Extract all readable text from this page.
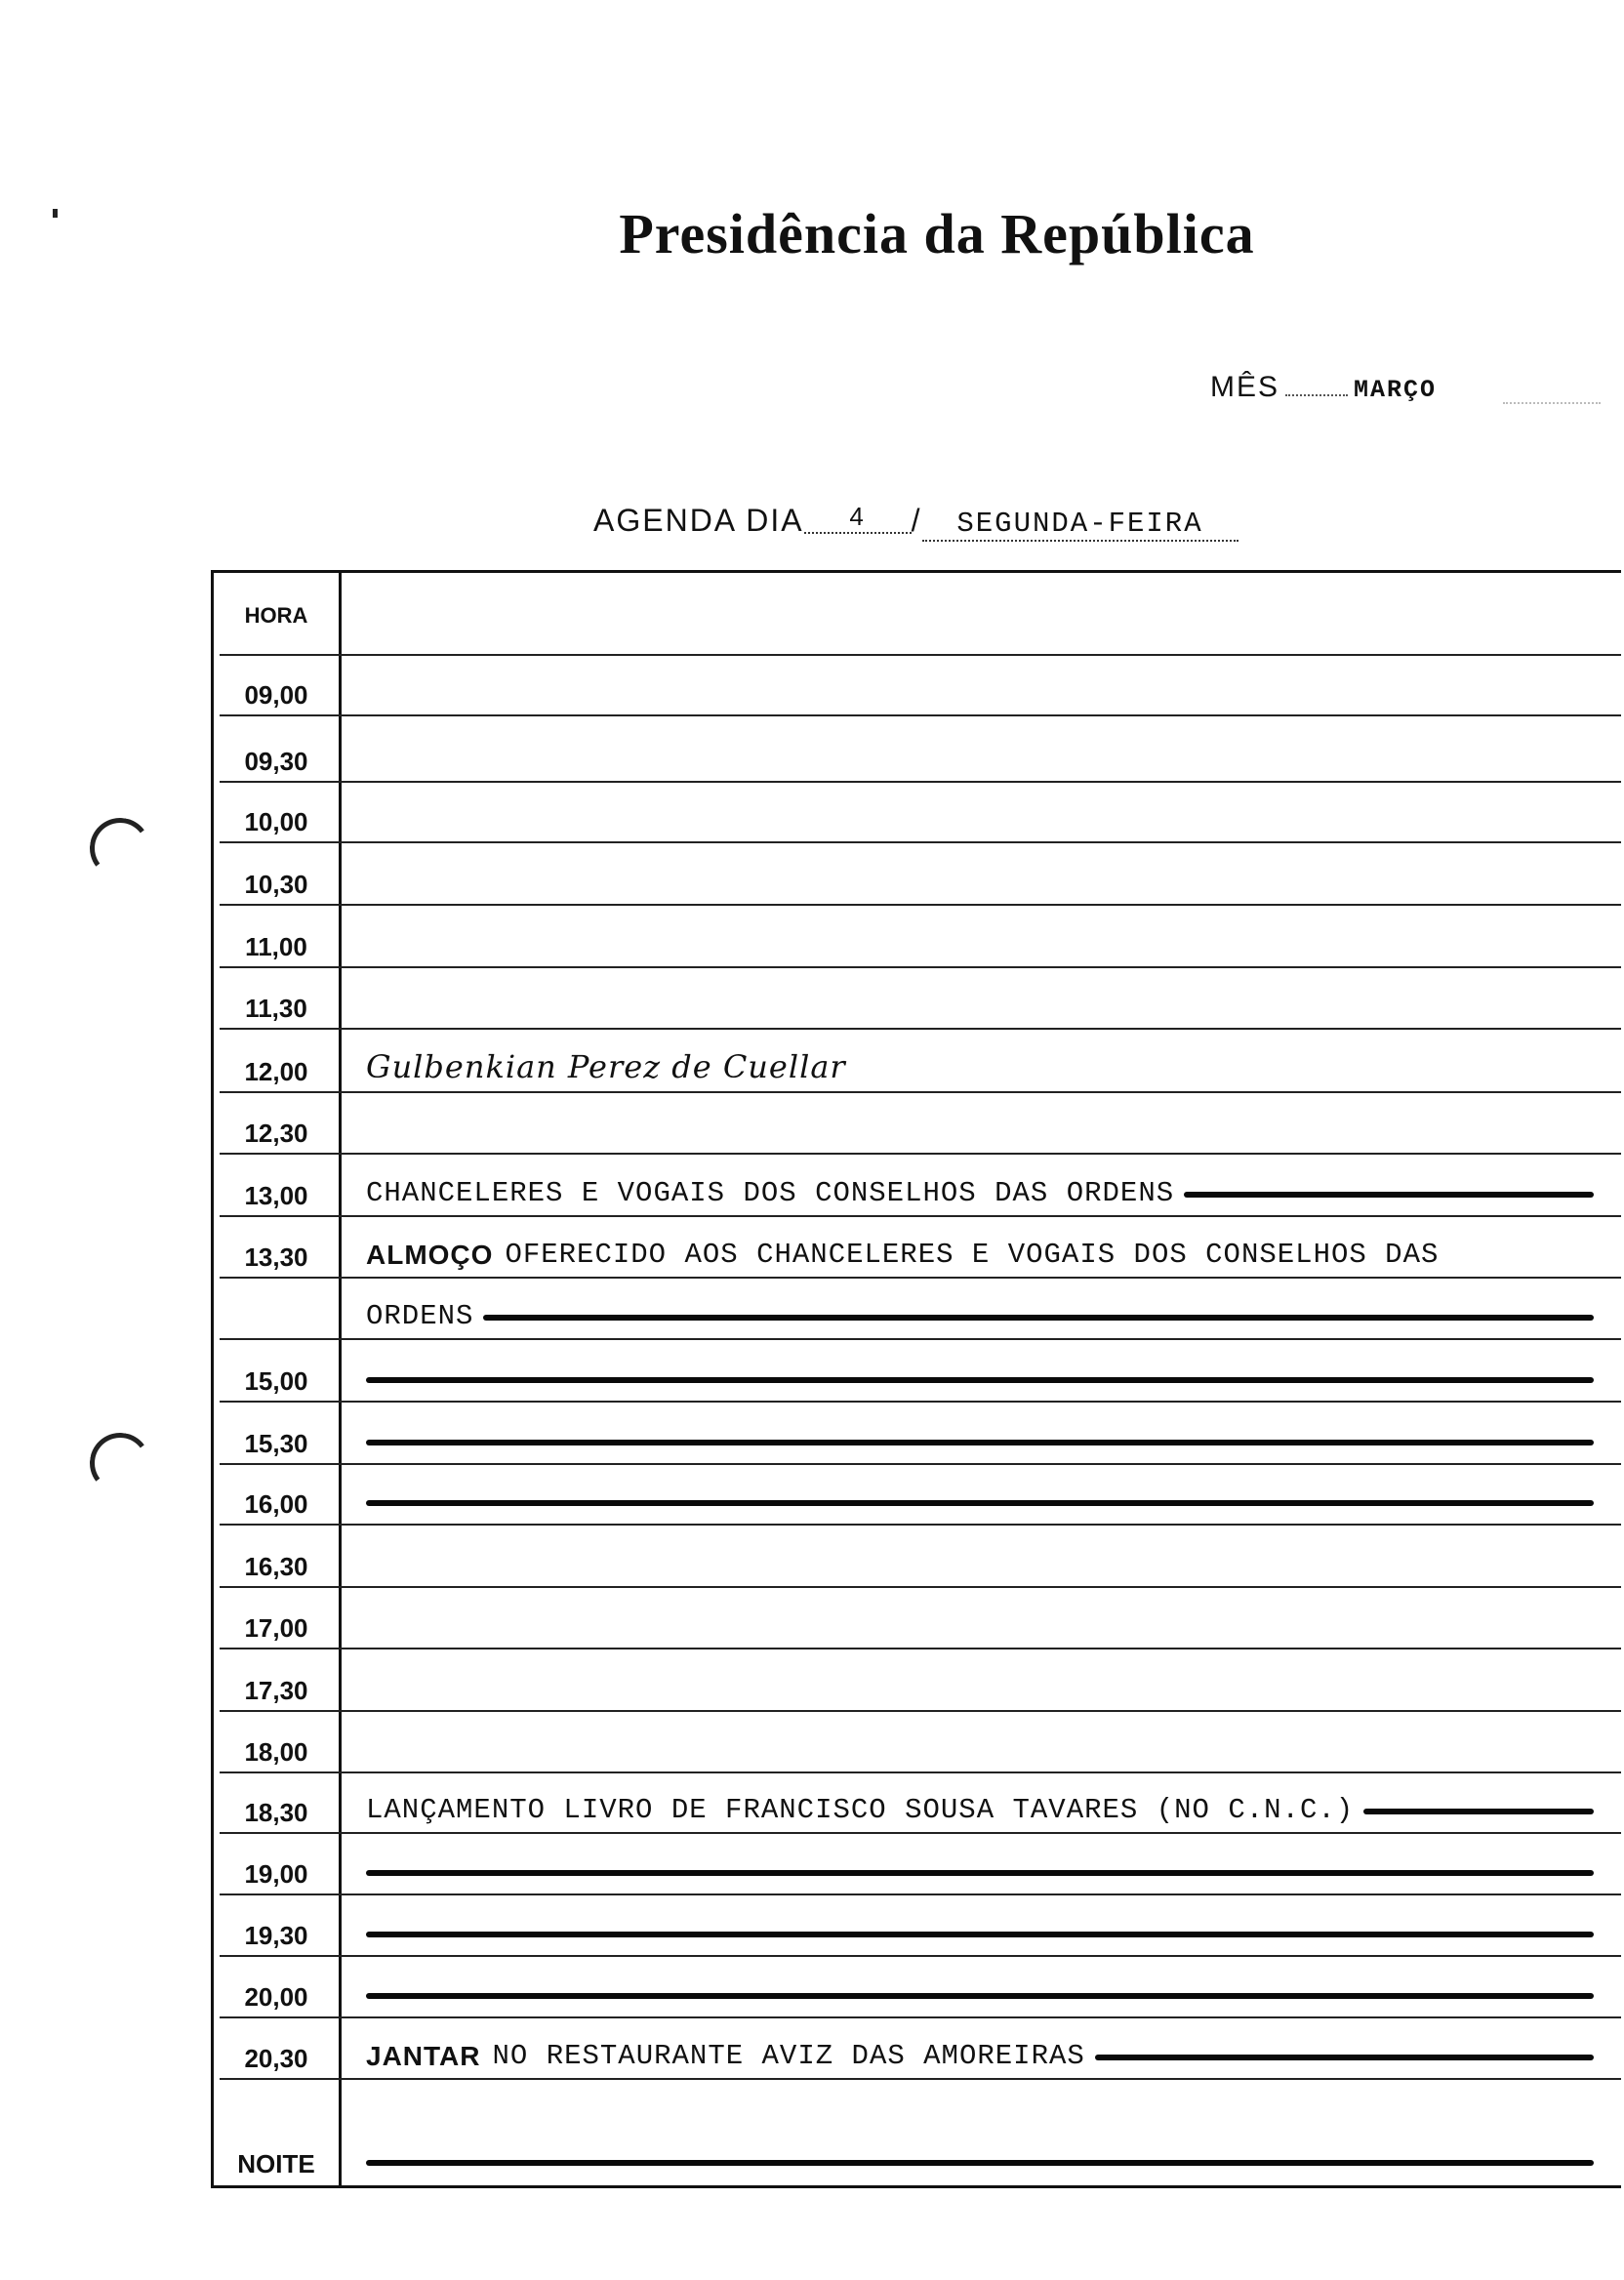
Presidência da República
MÊS	MARÇO
AGENDA DIA 4 / SEGUNDA-FEIRA
HORA
09,00
09,30
10,00
10,30
11,00
11,30
12,00	Gulbenkian Perez de Cuellar
12,30
13,00	CHANCELERES E VOGAIS DOS CONSELHOS DAS ORDENS
13,30	ALMOÇO OFERECIDO AOS CHANCELERES E VOGAIS DOS CONSELHOS DAS
ORDENS
15,00
15,30
16,00
16,30
17,00
17,30
18,00
18,30	LANÇAMENTO LIVRO DE FRANCISCO SOUSA TAVARES (NO C.N.C.)
19,00
19,30
20,00
20,30	JANTAR NO RESTAURANTE AVIZ DAS AMOREIRAS
NOITE
